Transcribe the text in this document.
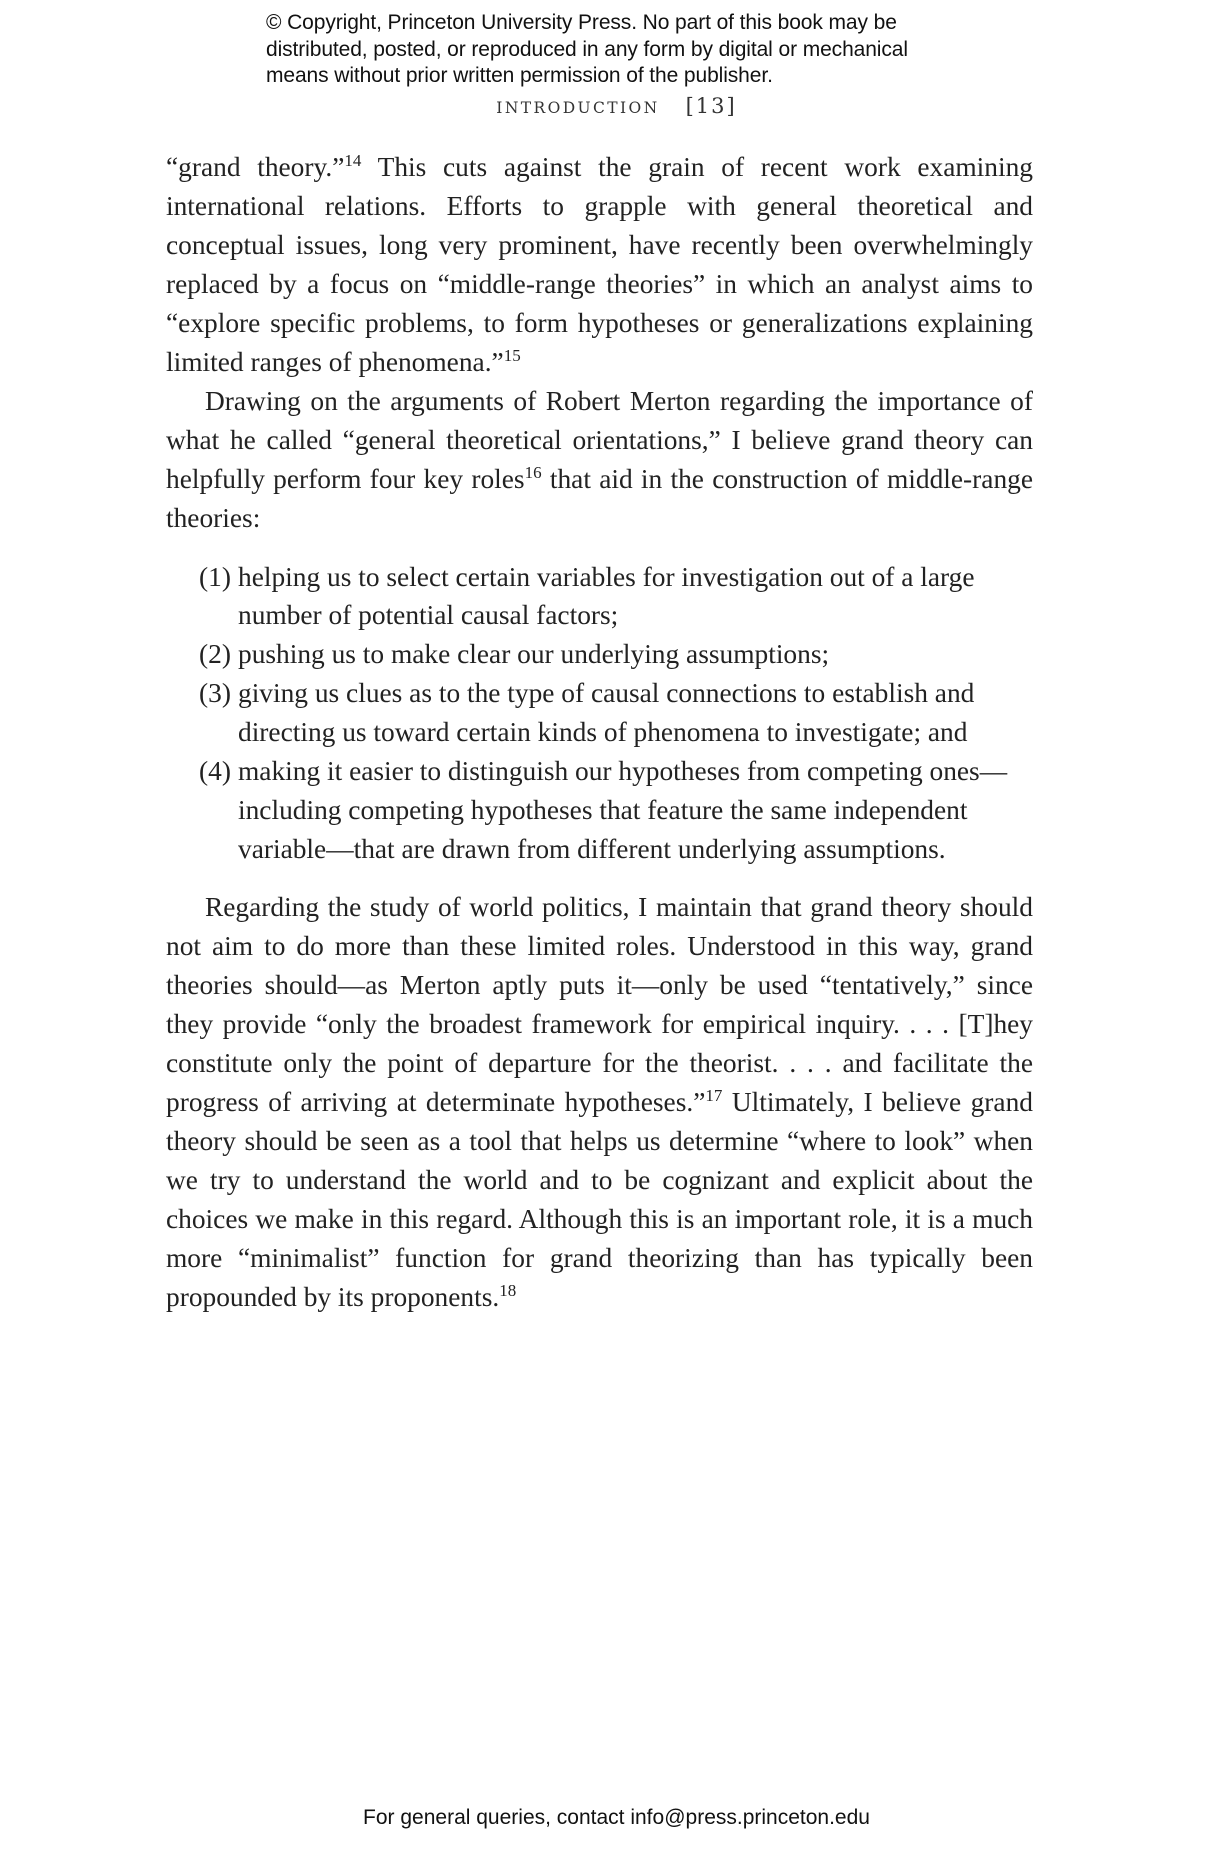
© Copyright, Princeton University Press. No part of this book may be
distributed, posted, or reproduced in any form by digital or mechanical
means without prior written permission of the publisher.
INTRODUCTION [13]

“grand theory.”$^{14}$ This cuts against the grain of recent work examining international relations. Efforts to grapple with general theoretical and conceptual issues, long very prominent, have recently been overwhelmingly replaced by a focus on “middle-range theories” in which an analyst aims to “explore specific problems, to form hypotheses or generalizations explaining limited ranges of phenomena.”$^{15}$

Drawing on the arguments of Robert Merton regarding the importance of what he called “general theoretical orientations,” I believe grand theory can helpfully perform four key roles$^{16}$ that aid in the construction of middle-range theories:

(1) helping us to select certain variables for investigation out of a large number of potential causal factors;
(2) pushing us to make clear our underlying assumptions;
(3) giving us clues as to the type of causal connections to establish and directing us toward certain kinds of phenomena to investigate; and
(4) making it easier to distinguish our hypotheses from competing ones—including competing hypotheses that feature the same independent variable—that are drawn from different underlying assumptions.

Regarding the study of world politics, I maintain that grand theory should not aim to do more than these limited roles. Understood in this way, grand theories should—as Merton aptly puts it—only be used “tentatively,” since they provide “only the broadest framework for empirical inquiry. . . . [T]hey constitute only the point of departure for the theorist. . . . and facilitate the progress of arriving at determinate hypotheses.”$^{17}$ Ultimately, I believe grand theory should be seen as a tool that helps us determine “where to look” when we try to understand the world and to be cognizant and explicit about the choices we make in this regard. Although this is an important role, it is a much more “minimalist” function for grand theorizing than has typically been propounded by its proponents.$^{18}$

For general queries, contact info@press.princeton.edu
